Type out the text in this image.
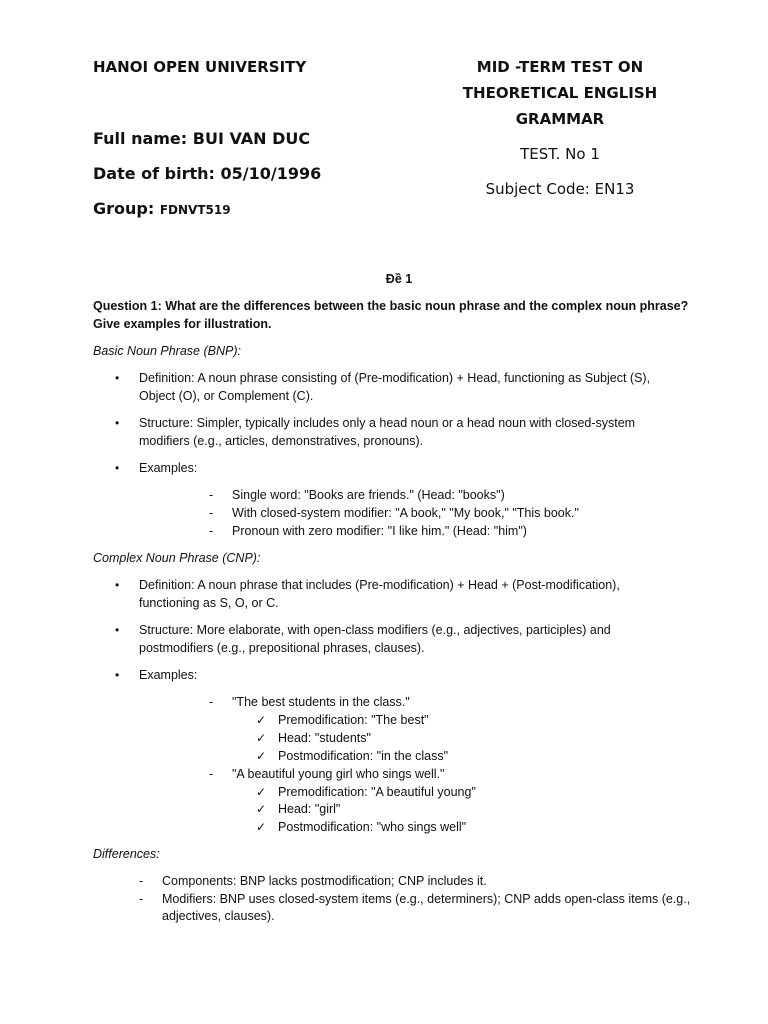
HANOI OPEN UNIVERSITY	MID -TERM TEST ON
THEORETICAL ENGLISH
GRAMMAR
TEST. No 1
Subject Code: EN13
Full name: BUI VAN DUC
Date of birth: 05/10/1996
Group: FDNVT519
Đề 1
Question 1: What are the differences between the basic noun phrase and the complex noun phrase?
Give examples for illustration.
Basic Noun Phrase (BNP):
• Definition: A noun phrase consisting of (Pre-modification) + Head, functioning as Subject (S),
Object (O), or Complement (C).
• Structure: Simpler, typically includes only a head noun or a head noun with closed-system
modifiers (e.g., articles, demonstratives, pronouns).
• Examples:
- Single word: "Books are friends." (Head: "books")
- With closed-system modifier: "A book," "My book," "This book."
- Pronoun with zero modifier: "I like him." (Head: "him")
Complex Noun Phrase (CNP):
• Definition: A noun phrase that includes (Pre-modification) + Head + (Post-modification),
functioning as S, O, or C.
• Structure: More elaborate, with open-class modifiers (e.g., adjectives, participles) and
postmodifiers (e.g., prepositional phrases, clauses).
• Examples:
- "The best students in the class."
✓ Premodification: "The best"
✓ Head: "students"
✓ Postmodification: "in the class"
- "A beautiful young girl who sings well."
✓ Premodification: "A beautiful young"
✓ Head: "girl"
✓ Postmodification: "who sings well"
Differences:
- Components: BNP lacks postmodification; CNP includes it.
- Modifiers: BNP uses closed-system items (e.g., determiners); CNP adds open-class items (e.g.,
adjectives, clauses).
